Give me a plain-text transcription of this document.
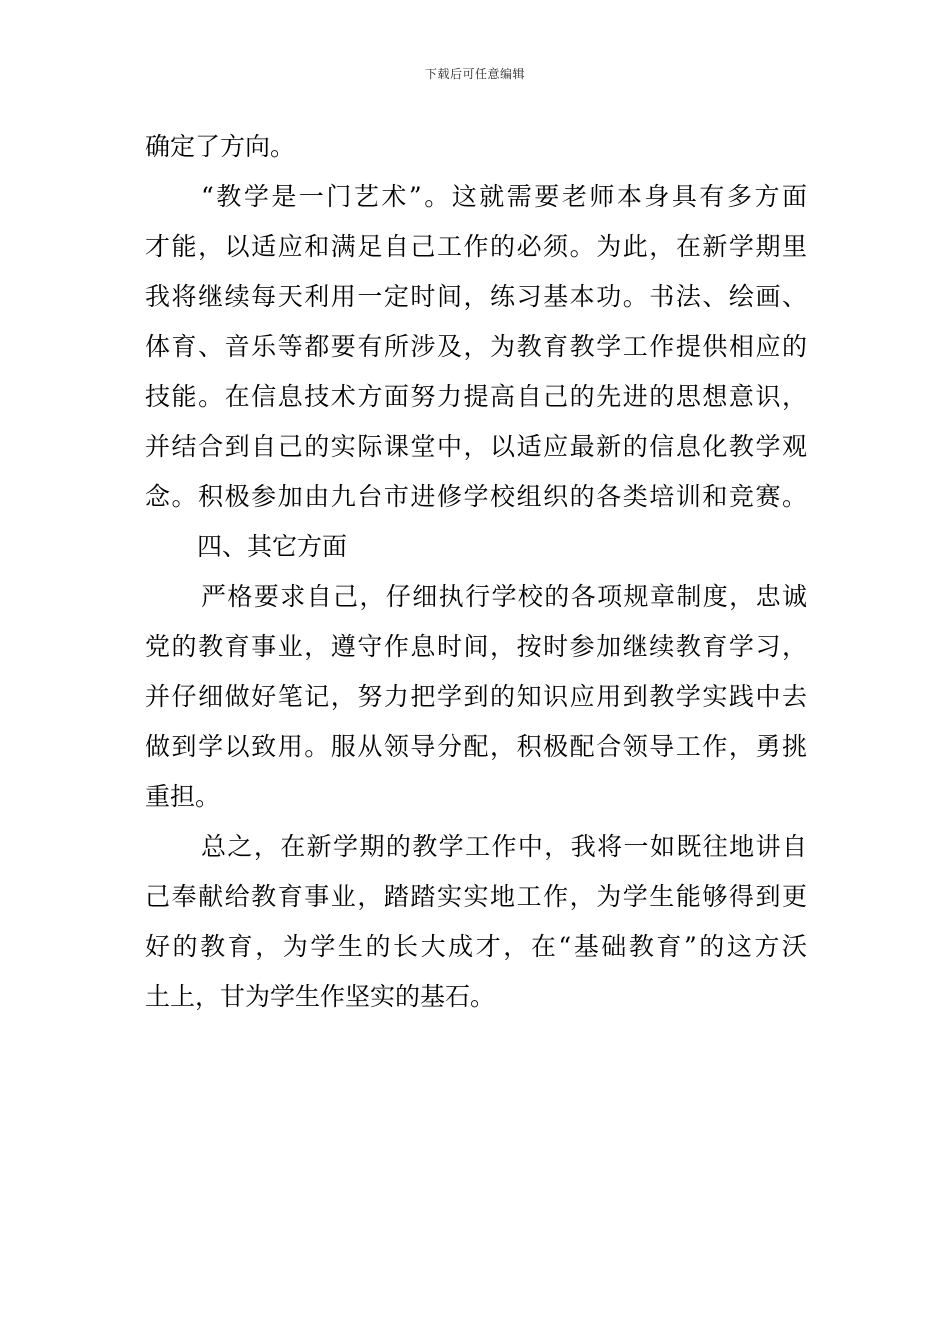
下载后可任意编辑
确定了方向。
“教学是一门艺术”。这就需要老师本身具有多方面
才能，以适应和满足自己工作的必须。为此，在新学期里
我将继续每天利用一定时间，练习基本功。书法、绘画、
体育、音乐等都要有所涉及，为教育教学工作提供相应的
技能。在信息技术方面努力提高自己的先进的思想意识，
并结合到自己的实际课堂中，以适应最新的信息化教学观
念。积极参加由九台市进修学校组织的各类培训和竞赛。
四、其它方面
严格要求自己，仔细执行学校的各项规章制度，忠诚
党的教育事业，遵守作息时间，按时参加继续教育学习，
并仔细做好笔记，努力把学到的知识应用到教学实践中去
做到学以致用。服从领导分配，积极配合领导工作，勇挑
重担。
总之，在新学期的教学工作中，我将一如既往地讲自
己奉献给教育事业，踏踏实实地工作，为学生能够得到更
好的教育，为学生的长大成才，在“基础教育”的这方沃
土上，甘为学生作坚实的基石。
